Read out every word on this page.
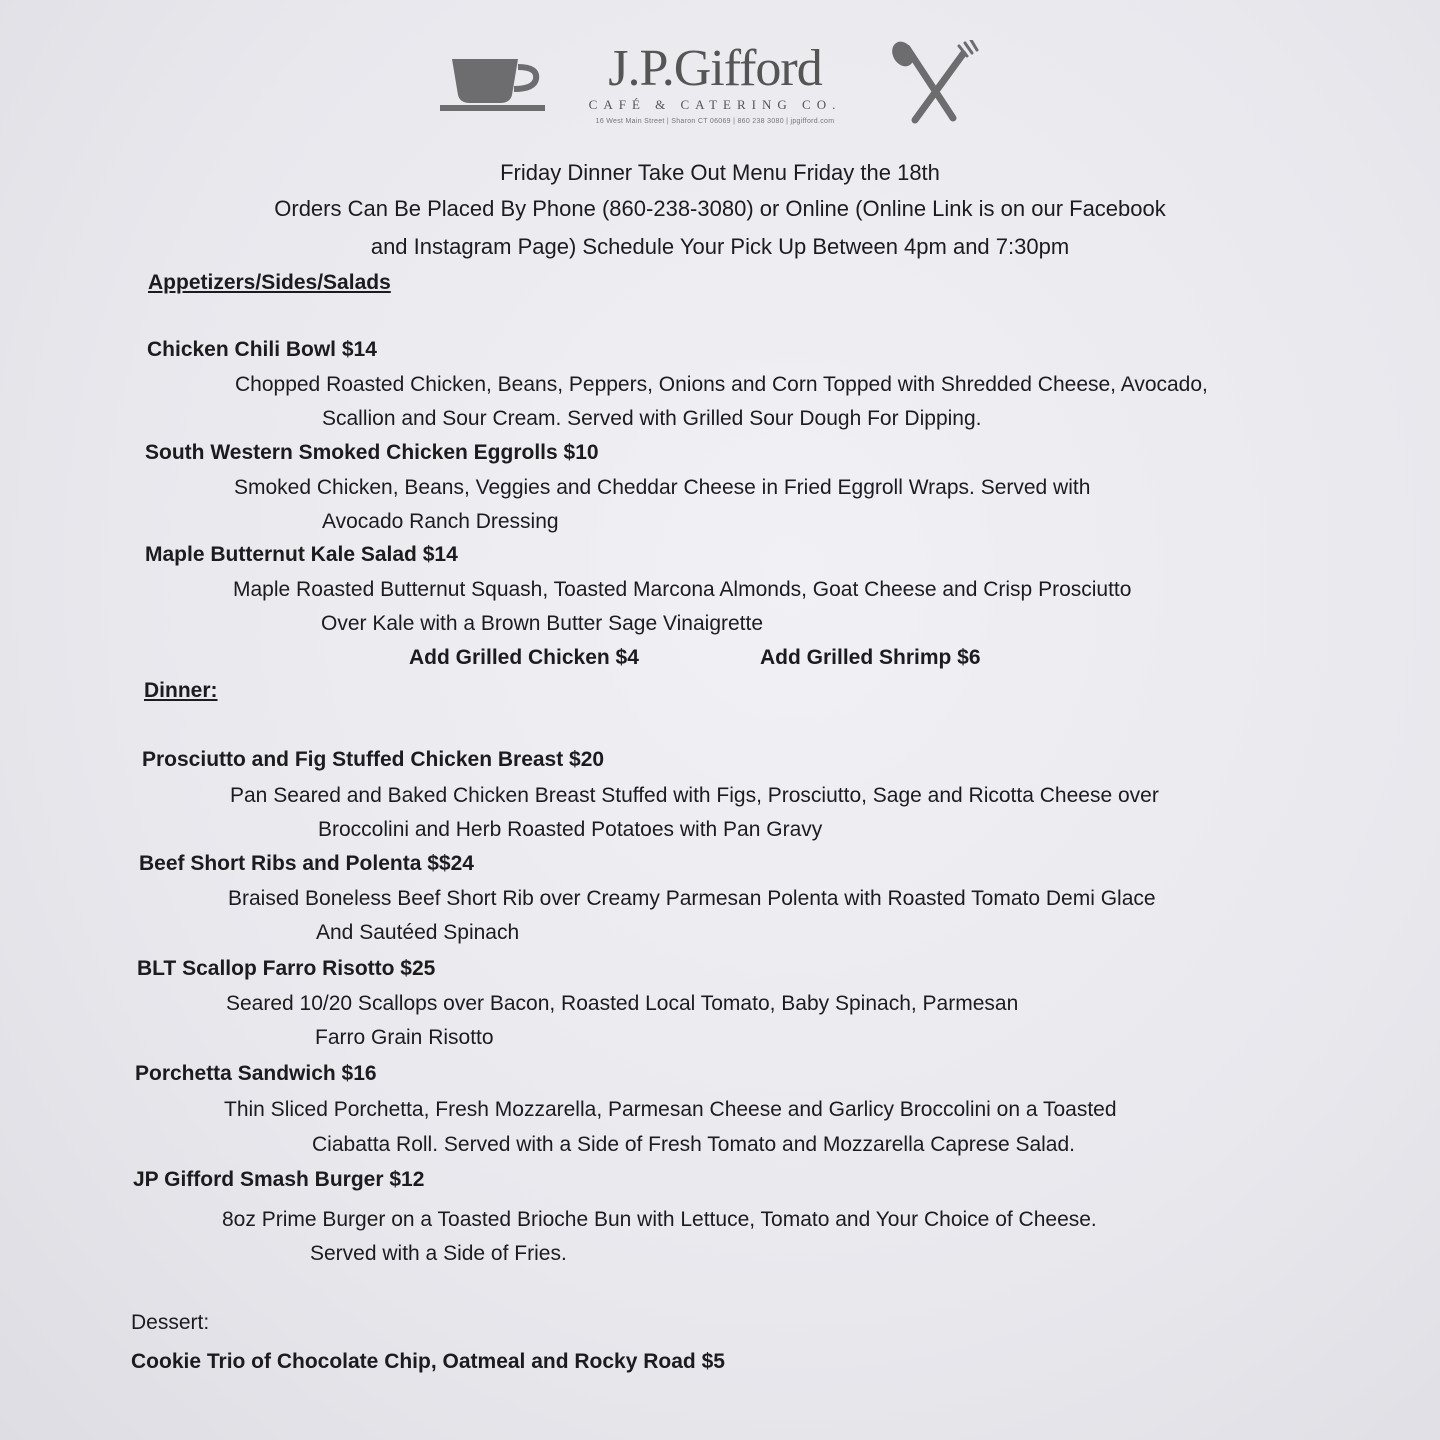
J.P.Gifford
CAFÉ & CATERING CO.
16 West Main Street | Sharon CT 06069 | 860 238 3080 | jpgifford.com
Friday Dinner Take Out Menu Friday the 18th
Orders Can Be Placed By Phone (860-238-3080) or Online (Online Link is on our Facebook
and Instagram Page) Schedule Your Pick Up Between 4pm and 7:30pm
Appetizers/Sides/Salads
Chicken Chili Bowl $14
Chopped Roasted Chicken, Beans, Peppers, Onions and Corn Topped with Shredded Cheese, Avocado,
Scallion and Sour Cream. Served with Grilled Sour Dough For Dipping.
South Western Smoked Chicken Eggrolls $10
Smoked Chicken, Beans, Veggies and Cheddar Cheese in Fried Eggroll Wraps. Served with
Avocado Ranch Dressing
Maple Butternut Kale Salad $14
Maple Roasted Butternut Squash, Toasted Marcona Almonds, Goat Cheese and Crisp Prosciutto
Over Kale with a Brown Butter Sage Vinaigrette
Add Grilled Chicken $4	Add Grilled Shrimp $6
Dinner:
Prosciutto and Fig Stuffed Chicken Breast $20
Pan Seared and Baked Chicken Breast Stuffed with Figs, Prosciutto, Sage and Ricotta Cheese over
Broccolini and Herb Roasted Potatoes with Pan Gravy
Beef Short Ribs and Polenta $$24
Braised Boneless Beef Short Rib over Creamy Parmesan Polenta with Roasted Tomato Demi Glace
And Sautéed Spinach
BLT Scallop Farro Risotto $25
Seared 10/20 Scallops over Bacon, Roasted Local Tomato, Baby Spinach, Parmesan
Farro Grain Risotto
Porchetta Sandwich $16
Thin Sliced Porchetta, Fresh Mozzarella, Parmesan Cheese and Garlicy Broccolini on a Toasted
Ciabatta Roll. Served with a Side of Fresh Tomato and Mozzarella Caprese Salad.
JP Gifford Smash Burger $12
8oz Prime Burger on a Toasted Brioche Bun with Lettuce, Tomato and Your Choice of Cheese.
Served with a Side of Fries.
Dessert:
Cookie Trio of Chocolate Chip, Oatmeal and Rocky Road $5
